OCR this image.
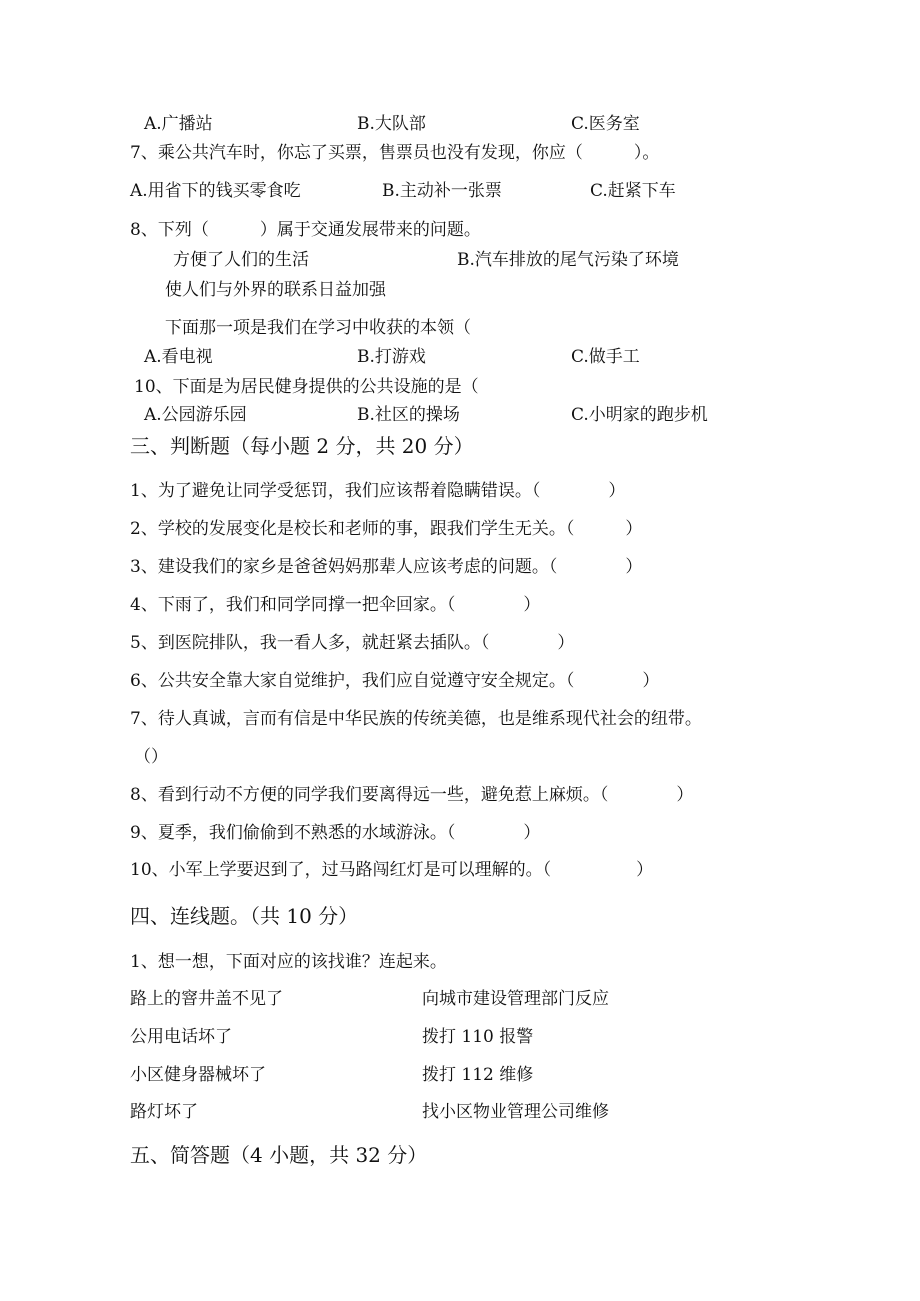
A.广播站	B.大队部	C.医务室
7、乘公共汽车时，你忘了买票，售票员也没有发现，你应（　　　）。
A.用省下的钱买零食吃	B.主动补一张票	C.赶紧下车
8、下列（　　　）属于交通发展带来的问题。
方便了人们的生活	B.汽车排放的尾气污染了环境
使人们与外界的联系日益加强
下面那一项是我们在学习中收获的本领（
A.看电视	B.打游戏	C.做手工
10、下面是为居民健身提供的公共设施的是（
A.公园游乐园	B.社区的操场	C.小明家的跑步机
三、判断题（每小题 2 分，共 20 分）
1、为了避免让同学受惩罚，我们应该帮着隐瞒错误。（　　　　）
2、学校的发展变化是校长和老师的事，跟我们学生无关。（　　　）
3、建设我们的家乡是爸爸妈妈那辈人应该考虑的问题。（　　　　）
4、下雨了，我们和同学同撑一把伞回家。（　　　　）
5、到医院排队，我一看人多，就赶紧去插队。（　　　　）
6、公共安全靠大家自觉维护，我们应自觉遵守安全规定。（　　　　）
7、待人真诚，言而有信是中华民族的传统美德，也是维系现代社会的纽带。
（）
8、看到行动不方便的同学我们要离得远一些，避免惹上麻烦。（　　　　）
9、夏季，我们偷偷到不熟悉的水域游泳。（　　　　）
10、小军上学要迟到了，过马路闯红灯是可以理解的。（　　　　　）
四、连线题。（共 10 分）
1、想一想，下面对应的该找谁？连起来。
路上的窨井盖不见了	向城市建设管理部门反应
公用电话坏了	拨打 110 报警
小区健身器械坏了	拨打 112 维修
路灯坏了	找小区物业管理公司维修
五、简答题（4 小题，共 32 分）
